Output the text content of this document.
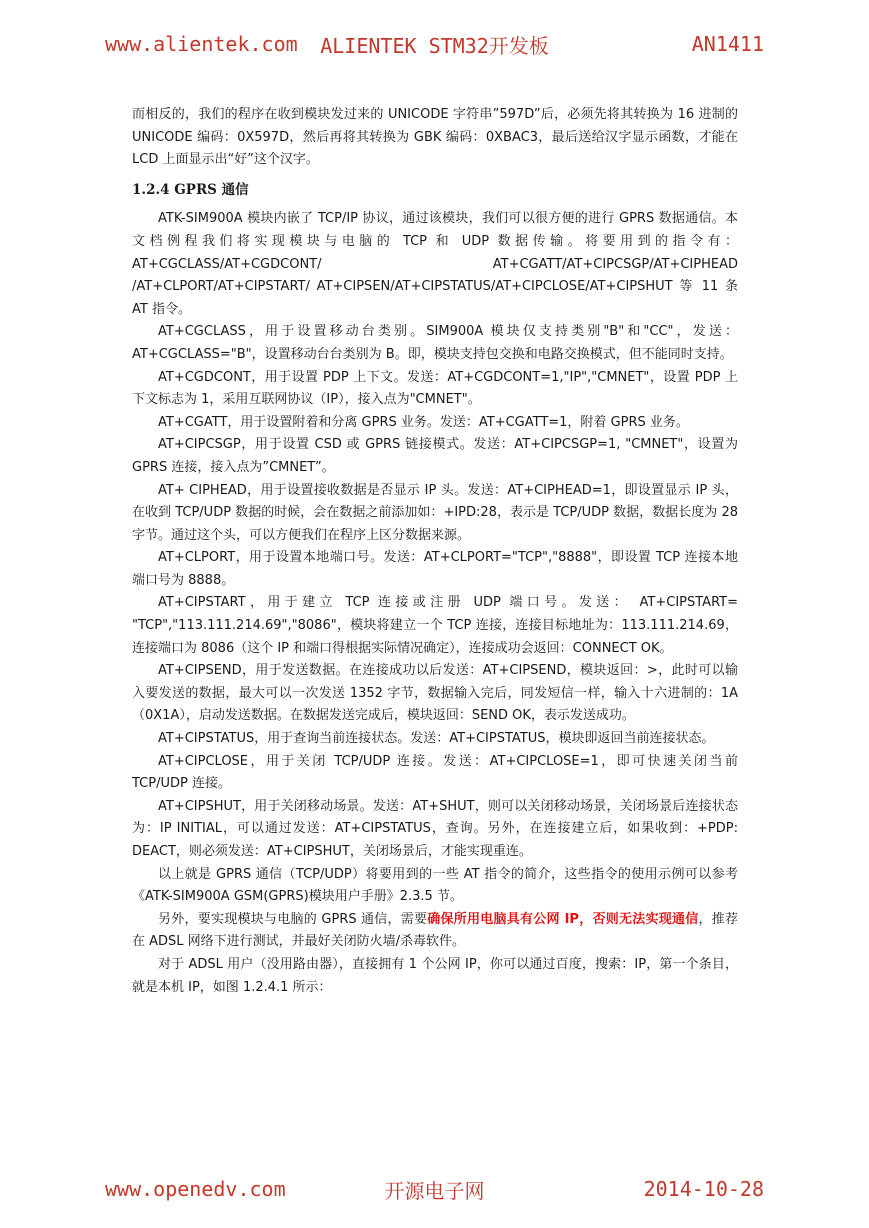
www.alientek.com ALIENTEK STM32开发板	AN1411

而相反的，我们的程序在收到模块发过来的 UNICODE 字符串”597D”后，必须先将其转换为 16 进制的 UNICODE 编码：0X597D，然后再将其转换为 GBK 编码：0XBAC3，最后送给汉字显示函数，才能在 LCD 上面显示出“好”这个汉字。

1.2.4 GPRS 通信

ATK-SIM900A 模块内嵌了 TCP/IP 协议，通过该模块，我们可以很方便的进行 GPRS 数据通信。本文档例程我们将实现模块与电脑的 TCP 和 UDP 数据传输。将要用到的指令有：AT+CGCLASS/AT+CGDCONT/ AT+CGATT/AT+CIPCSGP/AT+CIPHEAD /AT+CLPORT/AT+CIPSTART/ AT+CIPSEN/AT+CIPSTATUS/AT+CIPCLOSE/AT+CIPSHUT 等 11 条 AT 指令。

AT+CGCLASS，用于设置移动台类别。SIM900A 模块仅支持类别"B"和"CC"，发送：AT+CGCLASS="B"，设置移动台台类别为 B。即，模块支持包交换和电路交换模式，但不能同时支持。

AT+CGDCONT，用于设置 PDP 上下文。发送：AT+CGDCONT=1,"IP","CMNET"，设置 PDP 上下文标志为 1，采用互联网协议（IP），接入点为"CMNET"。

AT+CGATT，用于设置附着和分离 GPRS 业务。发送：AT+CGATT=1，附着 GPRS 业务。

AT+CIPCSGP，用于设置 CSD 或 GPRS 链接模式。发送：AT+CIPCSGP=1, "CMNET"，设置为 GPRS 连接，接入点为”CMNET”。

AT+ CIPHEAD，用于设置接收数据是否显示 IP 头。发送：AT+CIPHEAD=1，即设置显示 IP 头，在收到 TCP/UDP 数据的时候，会在数据之前添加如：+IPD:28，表示是 TCP/UDP 数据，数据长度为 28 字节。通过这个头，可以方便我们在程序上区分数据来源。

AT+CLPORT，用于设置本地端口号。发送：AT+CLPORT="TCP","8888"，即设置 TCP 连接本地端口号为 8888。

AT+CIPSTART，用于建立 TCP 连接或注册 UDP 端口号。发送： AT+CIPSTART= "TCP","113.111.214.69","8086"，模块将建立一个 TCP 连接，连接目标地址为：113.111.214.69，连接端口为 8086（这个 IP 和端口得根据实际情况确定），连接成功会返回：CONNECT OK。

AT+CIPSEND，用于发送数据。在连接成功以后发送：AT+CIPSEND，模块返回：>，此时可以输入要发送的数据，最大可以一次发送 1352 字节，数据输入完后，同发短信一样，输入十六进制的：1A（0X1A），启动发送数据。在数据发送完成后，模块返回：SEND OK，表示发送成功。

AT+CIPSTATUS，用于查询当前连接状态。发送：AT+CIPSTATUS，模块即返回当前连接状态。

AT+CIPCLOSE，用于关闭 TCP/UDP 连接。发送：AT+CIPCLOSE=1，即可快速关闭当前 TCP/UDP 连接。

AT+CIPSHUT，用于关闭移动场景。发送：AT+SHUT，则可以关闭移动场景，关闭场景后连接状态为：IP INITIAL，可以通过发送：AT+CIPSTATUS，查询。另外，在连接建立后，如果收到：+PDP: DEACT，则必须发送：AT+CIPSHUT，关闭场景后，才能实现重连。

以上就是 GPRS 通信（TCP/UDP）将要用到的一些 AT 指令的简介，这些指令的使用示例可以参考《ATK-SIM900A GSM(GPRS)模块用户手册》2.3.5 节。

另外，要实现模块与电脑的 GPRS 通信，需要确保所用电脑具有公网 IP，否则无法实现通信，推荐在 ADSL 网络下进行测试，并最好关闭防火墙/杀毒软件。

对于 ADSL 用户（没用路由器），直接拥有 1 个公网 IP，你可以通过百度，搜索：IP，第一个条目，就是本机 IP，如图 1.2.4.1 所示：

www.openedv.com	开源电子网	2014-10-28
